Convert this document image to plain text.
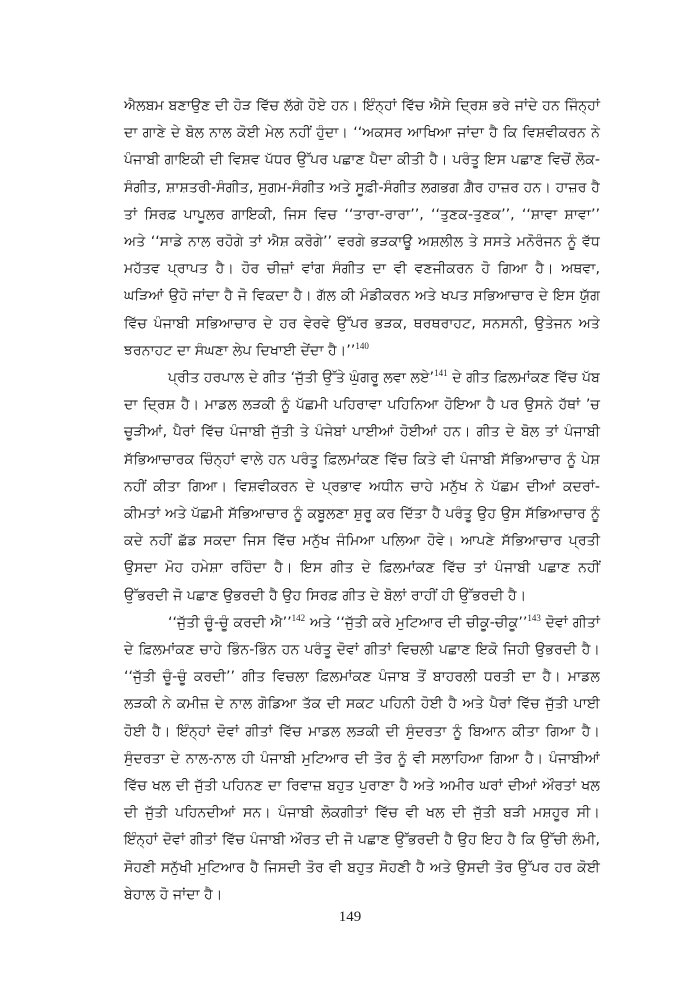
ਐਲਬਮ ਬਣਾਉਣ ਦੀ ਹੋੜ ਵਿੱਚ ਲੱਗੇ ਹੋਏ ਹਨ। ਇੰਨ੍ਹਾਂ ਵਿੱਚ ਐਸੇ ਦ੍ਰਿਸ਼ ਭਰੇ ਜਾਂਦੇ ਹਨ ਜਿੰਨ੍ਹਾਂ ਦਾ ਗਾਣੇ ਦੇ ਬੋਲ ਨਾਲ ਕੋਈ ਮੇਲ ਨਹੀਂ ਹੁੰਦਾ। ‘‘ਅਕਸਰ ਆਖਿਆ ਜਾਂਦਾ ਹੈ ਕਿ ਵਿਸ਼ਵੀਕਰਨ ਨੇ ਪੰਜਾਬੀ ਗਾਇਕੀ ਦੀ ਵਿਸ਼ਵ ਪੱਧਰ ਉੱਪਰ ਪਛਾਣ ਪੈਦਾ ਕੀਤੀ ਹੈ। ਪਰੰਤੂ ਇਸ ਪਛਾਣ ਵਿਚੋਂ ਲੋਕ-ਸੰਗੀਤ, ਸ਼ਾਸ਼ਤਰੀ-ਸੰਗੀਤ, ਸੁਗਮ-ਸੰਗੀਤ ਅਤੇ ਸੂਫ਼ੀ-ਸੰਗੀਤ ਲਗਭਗ ਗ਼ੈਰ ਹਾਜ਼ਰ ਹਨ। ਹਾਜ਼ਰ ਹੈ ਤਾਂ ਸਿਰਫ਼ ਪਾਪੂਲਰ ਗਾਇਕੀ, ਜਿਸ ਵਿਚ ‘‘ਤਾਰਾ-ਰਾਰਾ’’, ‘‘ਤੁਣਕ-ਤੁਣਕ’’, ‘‘ਸ਼ਾਵਾ ਸ਼ਾਵਾ’’ ਅਤੇ ‘‘ਸਾਡੇ ਨਾਲ ਰਹੋਗੇ ਤਾਂ ਐਸ਼ ਕਰੋਗੇ’’ ਵਰਗੇ ਭੜਕਾਊ ਅਸ਼ਲੀਲ ਤੇ ਸਸਤੇ ਮਨੋਰੰਜਨ ਨੂੰ ਵੱਧ ਮਹੱਤਵ ਪ੍ਰਾਪਤ ਹੈ। ਹੋਰ ਚੀਜ਼ਾਂ ਵਾਂਗ ਸੰਗੀਤ ਦਾ ਵੀ ਵਣਜੀਕਰਨ ਹੋ ਗਿਆ ਹੈ। ਅਥਵਾ, ਘੜਿਆਂ ਉਹੋ ਜਾਂਦਾ ਹੈ ਜੋ ਵਿਕਦਾ ਹੈ। ਗੱਲ ਕੀ ਮੰਡੀਕਰਨ ਅਤੇ ਖਪਤ ਸਭਿਆਚਾਰ ਦੇ ਇਸ ਯੁੱਗ ਵਿੱਚ ਪੰਜਾਬੀ ਸਭਿਆਚਾਰ ਦੇ ਹਰ ਵੇਰਵੇ ਉੱਪਰ ਭੜਕ, ਥਰਥਰਾਹਟ, ਸਨਸਨੀ, ਉਤੇਜਨ ਅਤੇ ਝਰਨਾਹਟ ਦਾ ਸੰਘਣਾ ਲੇਪ ਦਿਖਾਈ ਦੇਂਦਾ ਹੈ।’’$^{140}$

ਪ੍ਰੀਤ ਹਰਪਾਲ ਦੇ ਗੀਤ ‘ਜੁੱਤੀ ਉੱਤੇ ਘੁੰਗਰੂ ਲਵਾ ਲਏ’$^{141}$ ਦੇ ਗੀਤ ਫ਼ਿਲਮਾਂਕਣ ਵਿੱਚ ਪੱਬ ਦਾ ਦ੍ਰਿਸ਼ ਹੈ। ਮਾਡਲ ਲੜਕੀ ਨੂੰ ਪੱਛਮੀ ਪਹਿਰਾਵਾ ਪਹਿਨਿਆ ਹੋਇਆ ਹੈ ਪਰ ਉਸਨੇ ਹੱਥਾਂ ’ਚ ਚੂੜੀਆਂ, ਪੈਰਾਂ ਵਿੱਚ ਪੰਜਾਬੀ ਜੁੱਤੀ ਤੇ ਪੰਜੇਬਾਂ ਪਾਈਆਂ ਹੋਈਆਂ ਹਨ। ਗੀਤ ਦੇ ਬੋਲ ਤਾਂ ਪੰਜਾਬੀ ਸੱਭਿਆਚਾਰਕ ਚਿੰਨ੍ਹਾਂ ਵਾਲੇ ਹਨ ਪਰੰਤੂ ਫ਼ਿਲਮਾਂਕਣ ਵਿੱਚ ਕਿਤੇ ਵੀ ਪੰਜਾਬੀ ਸੱਭਿਆਚਾਰ ਨੂੰ ਪੇਸ਼ ਨਹੀਂ ਕੀਤਾ ਗਿਆ। ਵਿਸ਼ਵੀਕਰਨ ਦੇ ਪ੍ਰਭਾਵ ਅਧੀਨ ਚਾਹੇ ਮਨੁੱਖ ਨੇ ਪੱਛਮ ਦੀਆਂ ਕਦਰਾਂ-ਕੀਮਤਾਂ ਅਤੇ ਪੱਛਮੀ ਸੱਭਿਆਚਾਰ ਨੂੰ ਕਬੂਲਣਾ ਸ਼ੁਰੂ ਕਰ ਦਿੱਤਾ ਹੈ ਪਰੰਤੂ ਉਹ ਉਸ ਸੱਭਿਆਚਾਰ ਨੂੰ ਕਦੇ ਨਹੀਂ ਛੱਡ ਸਕਦਾ ਜਿਸ ਵਿੱਚ ਮਨੁੱਖ ਜੰਮਿਆ ਪਲਿਆ ਹੋਵੇ। ਆਪਣੇ ਸੱਭਿਆਚਾਰ ਪ੍ਰਤੀ ਉਸਦਾ ਮੋਹ ਹਮੇਸ਼ਾ ਰਹਿੰਦਾ ਹੈ। ਇਸ ਗੀਤ ਦੇ ਫ਼ਿਲਮਾਂਕਣ ਵਿੱਚ ਤਾਂ ਪੰਜਾਬੀ ਪਛਾਣ ਨਹੀਂ ਉੱਭਰਦੀ ਜੋ ਪਛਾਣ ਉਭਰਦੀ ਹੈ ਉਹ ਸਿਰਫ਼ ਗੀਤ ਦੇ ਬੋਲਾਂ ਰਾਹੀਂ ਹੀ ਉੱਭਰਦੀ ਹੈ।

‘‘ਜੁੱਤੀ ਚੂੰ-ਚੂੰ ਕਰਦੀ ਐ’’$^{142}$ ਅਤੇ ‘‘ਜੁੱਤੀ ਕਰੇ ਮੁਟਿਆਰ ਦੀ ਚੀਕੂ-ਚੀਕੂ’’$^{143}$ ਦੋਵਾਂ ਗੀਤਾਂ ਦੇ ਫ਼ਿਲਮਾਂਕਣ ਚਾਹੇ ਭਿੰਨ-ਭਿੰਨ ਹਨ ਪਰੰਤੂ ਦੋਵਾਂ ਗੀਤਾਂ ਵਿਚਲੀ ਪਛਾਣ ਇਕੋ ਜਿਹੀ ਉਭਰਦੀ ਹੈ। ‘‘ਜੁੱਤੀ ਚੂੰ-ਚੂੰ ਕਰਦੀ’’ ਗੀਤ ਵਿਚਲਾ ਫ਼ਿਲਮਾਂਕਣ ਪੰਜਾਬ ਤੋਂ ਬਾਹਰਲੀ ਧਰਤੀ ਦਾ ਹੈ। ਮਾਡਲ ਲੜਕੀ ਨੇ ਕਮੀਜ਼ ਦੇ ਨਾਲ ਗੋਡਿਆ ਤੱਕ ਦੀ ਸਕਟ ਪਹਿਨੀ ਹੋਈ ਹੈ ਅਤੇ ਪੈਰਾਂ ਵਿੱਚ ਜੁੱਤੀ ਪਾਈ ਹੋਈ ਹੈ। ਇੰਨ੍ਹਾਂ ਦੋਵਾਂ ਗੀਤਾਂ ਵਿੱਚ ਮਾਡਲ ਲੜਕੀ ਦੀ ਸੁੰਦਰਤਾ ਨੂੰ ਬਿਆਨ ਕੀਤਾ ਗਿਆ ਹੈ। ਸੁੰਦਰਤਾ ਦੇ ਨਾਲ-ਨਾਲ ਹੀ ਪੰਜਾਬੀ ਮੁਟਿਆਰ ਦੀ ਤੋਰ ਨੂੰ ਵੀ ਸਲਾਹਿਆ ਗਿਆ ਹੈ। ਪੰਜਾਬੀਆਂ ਵਿੱਚ ਖਲ ਦੀ ਜੁੱਤੀ ਪਹਿਨਣ ਦਾ ਰਿਵਾਜ਼ ਬਹੁਤ ਪੁਰਾਣਾ ਹੈ ਅਤੇ ਅਮੀਰ ਘਰਾਂ ਦੀਆਂ ਔਰਤਾਂ ਖਲ ਦੀ ਜੁੱਤੀ ਪਹਿਨਦੀਆਂ ਸਨ। ਪੰਜਾਬੀ ਲੋਕਗੀਤਾਂ ਵਿੱਚ ਵੀ ਖਲ ਦੀ ਜੁੱਤੀ ਬੜੀ ਮਸ਼ਹੂਰ ਸੀ। ਇੰਨ੍ਹਾਂ ਦੋਵਾਂ ਗੀਤਾਂ ਵਿੱਚ ਪੰਜਾਬੀ ਔਰਤ ਦੀ ਜੋ ਪਛਾਣ ਉੱਭਰਦੀ ਹੈ ਉਹ ਇਹ ਹੈ ਕਿ ਉੱਚੀ ਲੰਮੀ, ਸੋਹਣੀ ਸਨੁੱਖੀ ਮੁਟਿਆਰ ਹੈ ਜਿਸਦੀ ਤੋਰ ਵੀ ਬਹੁਤ ਸੋਹਣੀ ਹੈ ਅਤੇ ਉਸਦੀ ਤੋਰ ਉੱਪਰ ਹਰ ਕੋਈ ਬੇਹਾਲ ਹੋ ਜਾਂਦਾ ਹੈ।

149
